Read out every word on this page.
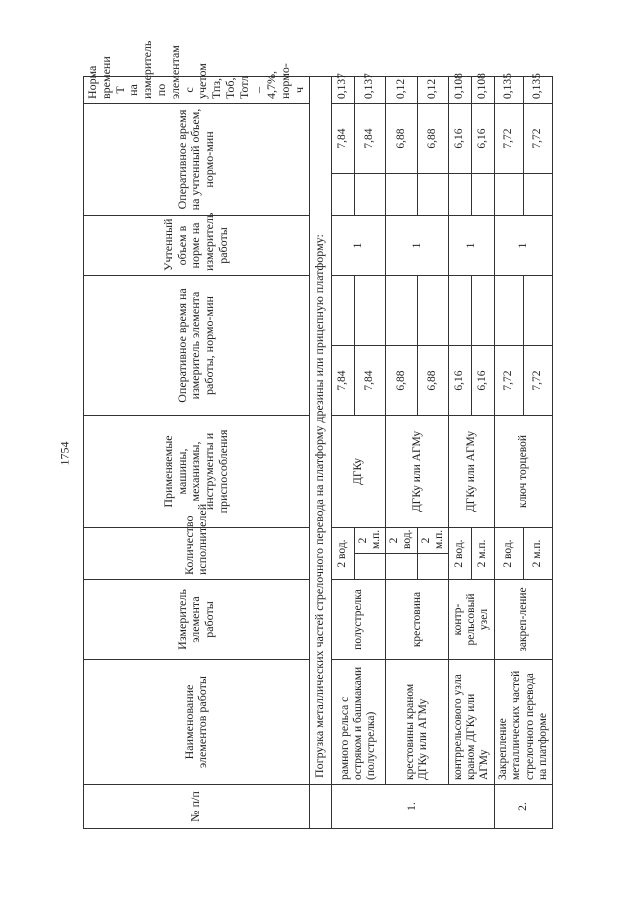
1754
№ п/п	Наименование элементов работы	Измеритель элемента работы	Количество исполнителей		Применяемые машины, механизмы, инструменты и приспособления	Оперативное время на измеритель элемента работы, нормо-мин		Учтенный объем в норме на измеритель работы	Оперативное время на учтенный объем, нормо-мин		Норма времени Т на измеритель по элементам с учетом Тпз, Тоб, Тотл – 4,7%, нормо-ч
	Погрузка металлических частей стрелочного перевода на платформу дрезины или прицепную платформу:										
1.	рамного рельса с остряком и башмаками (полустрелка)	полустрелка	2 вод.		ДГКу	7,84		1		7,84	0,137
				2 м.п.		7,84				7,84	0,137
	крестовины краном ДГКу или АГМу	крестовина		2 вод.	ДГКу или АГМу	6,88		1		6,88	0,12
				2 м.п.		6,88				6,88	0,12
	контррельсового узла краном ДГКу или АГМу	контр-рельсовый узел	2 вод.		ДГКу или АГМу	6,16		1		6,16	0,108
			2 м.п.			6,16				6,16	0,108
2.	Закрепление металлических частей стрелочного перевода на платформе	закреп-ление	2 вод.		ключ торцевой	7,72		1		7,72	0,135
			2 м.п.			7,72				7,72	0,135
